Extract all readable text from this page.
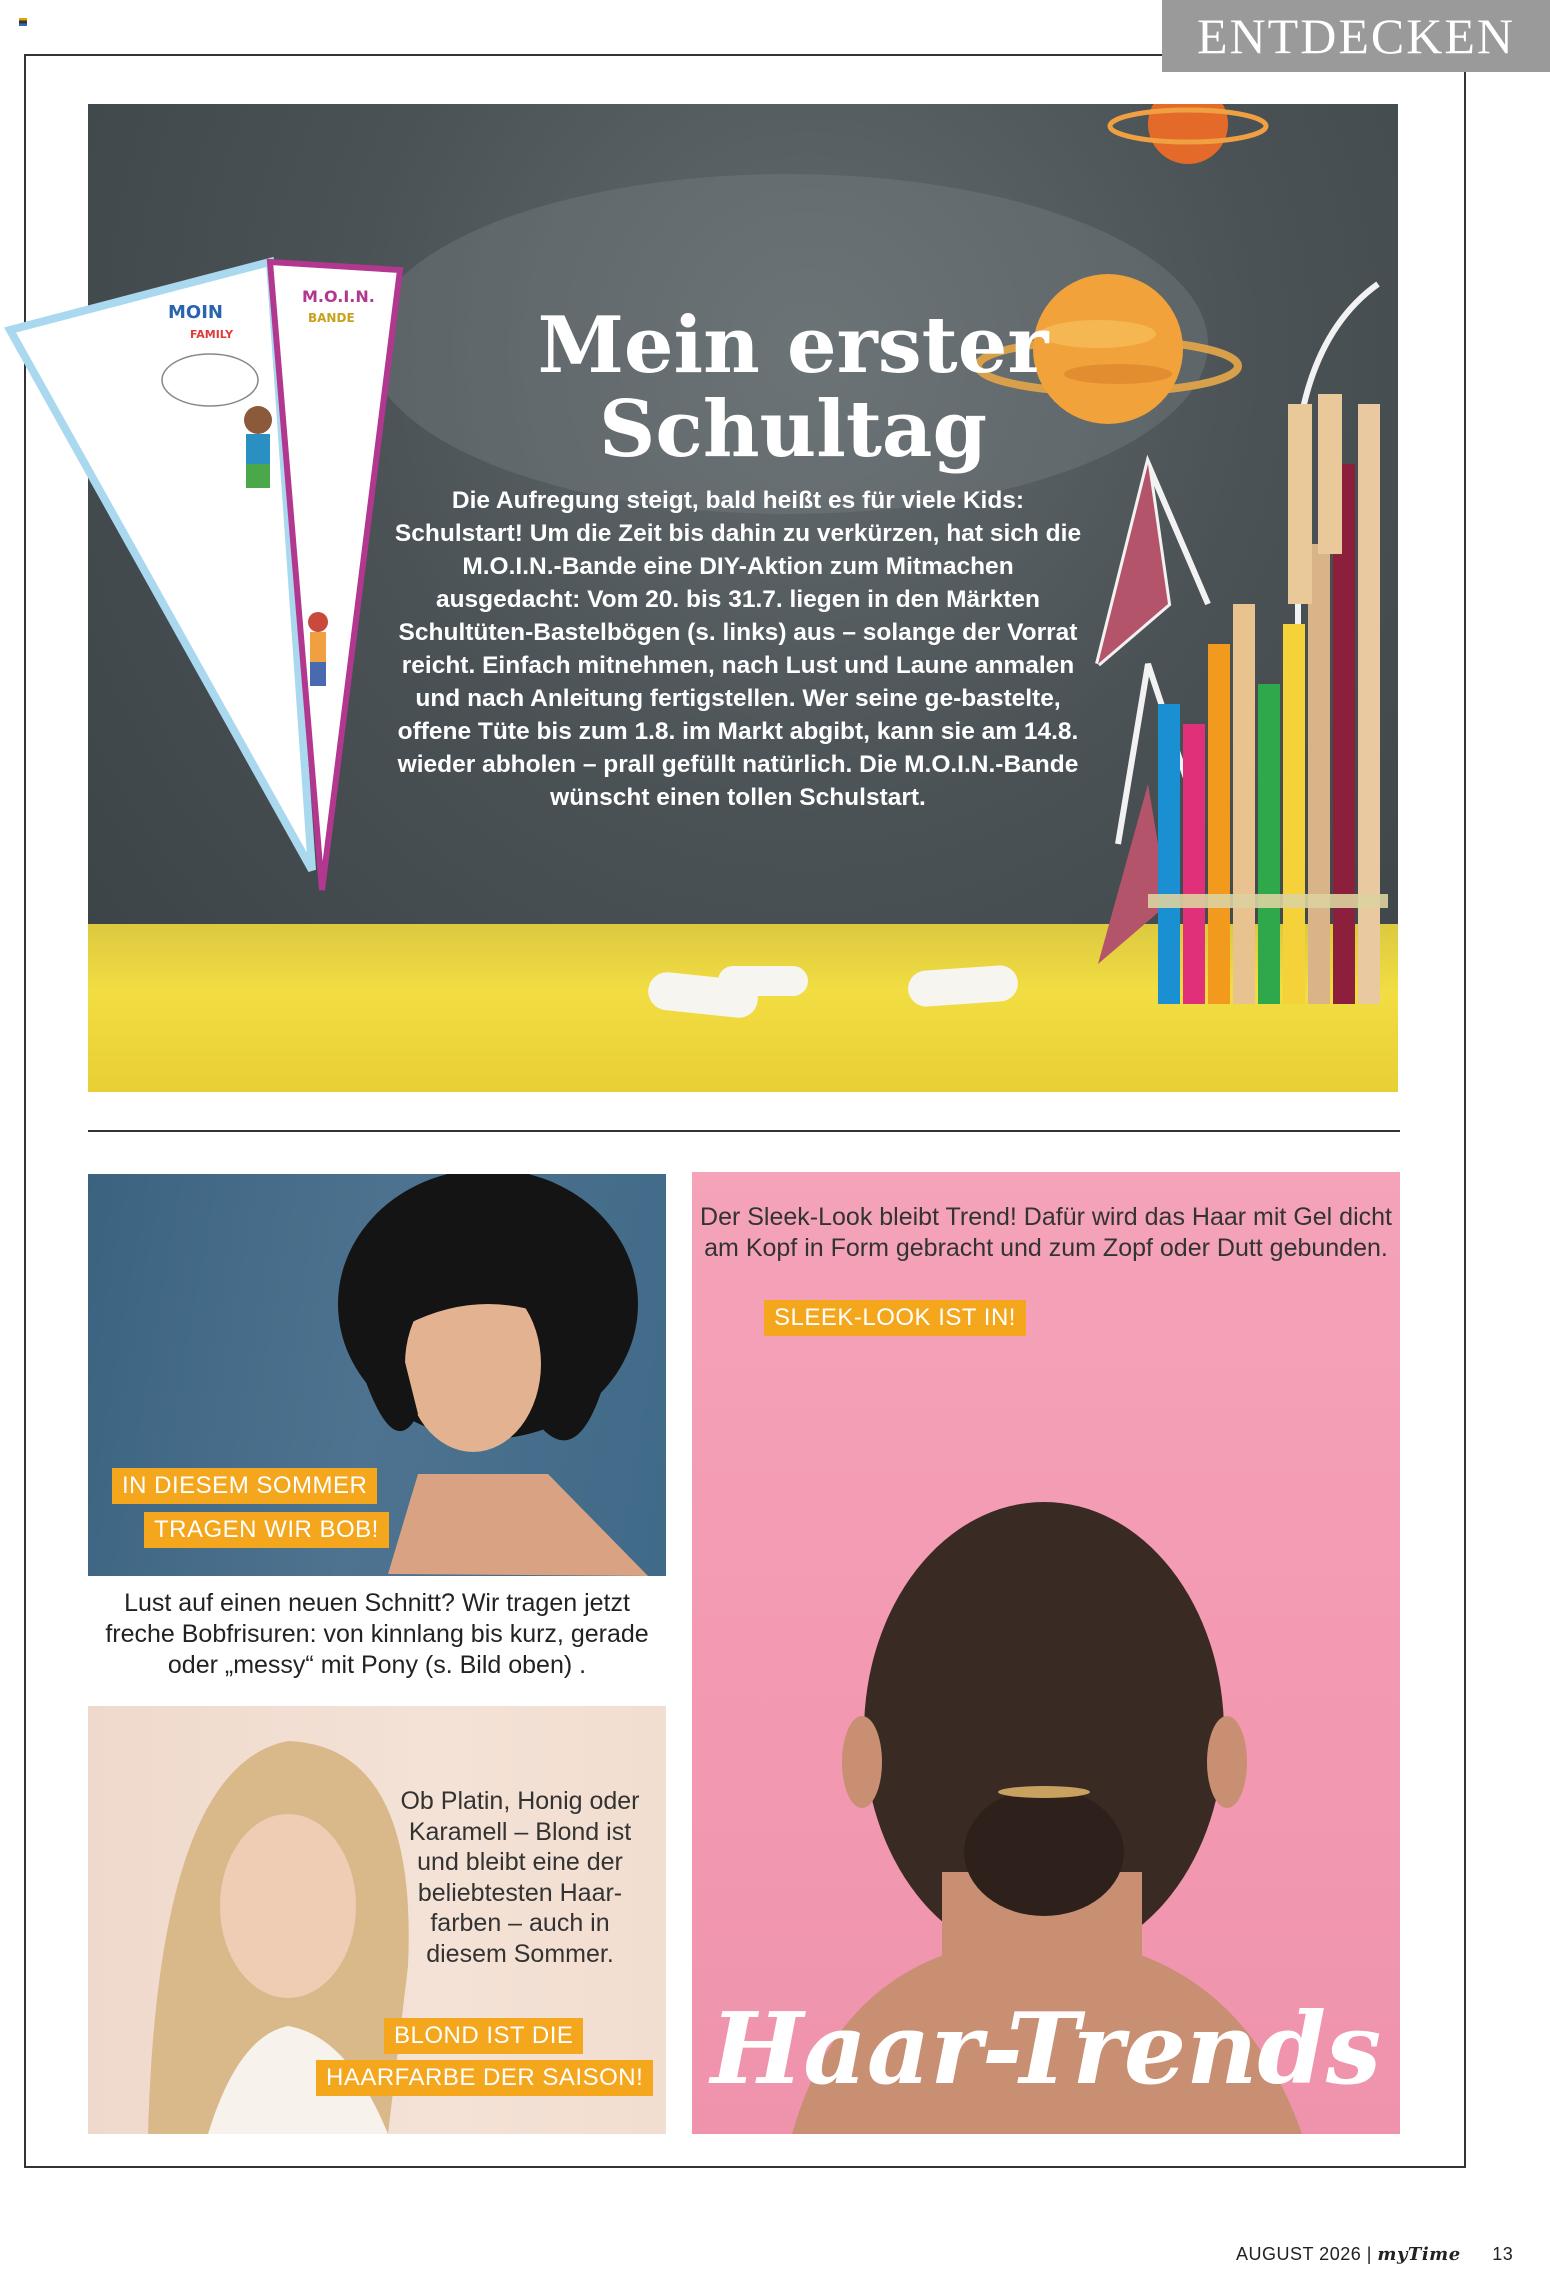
ENTDECKEN
Mein erster
Schultag
Die Aufregung steigt, bald heißt es für viele Kids: Schulstart! Um die Zeit bis dahin zu verkürzen, hat sich die M.O.I.N.-Bande eine DIY-Aktion zum Mitmachen ausgedacht: Vom 20. bis 31.7. liegen in den Märkten Schultüten-Bastelbögen (s. links) aus – solange der Vorrat reicht. Einfach mitnehmen, nach Lust und Laune anmalen und nach Anleitung fertigstellen. Wer seine ge-bastelte, offene Tüte bis zum 1.8. im Markt abgibt, kann sie am 14.8. wieder abholen – prall gefüllt natürlich. Die M.O.I.N.-Bande wünscht einen tollen Schulstart.
MOIN
FAMILY
M.O.I.N.
BANDE
IN DIESEM SOMMER
TRAGEN WIR BOB!
Lust auf einen neuen Schnitt? Wir tragen jetzt freche Bobfrisuren: von kinnlang bis kurz, gerade oder „messy“ mit Pony (s. Bild oben) .
Ob Platin, Honig oder Karamell – Blond ist und bleibt eine der beliebtesten Haar-farben – auch in diesem Sommer.
BLOND IST DIE
HAARFARBE DER SAISON!
Der Sleek-Look bleibt Trend! Dafür wird das Haar mit Gel dicht am Kopf in Form gebracht und zum Zopf oder Dutt gebunden.
SLEEK-LOOK IST IN!
Haar-Trends
AUGUST 2026 | myTime 13
